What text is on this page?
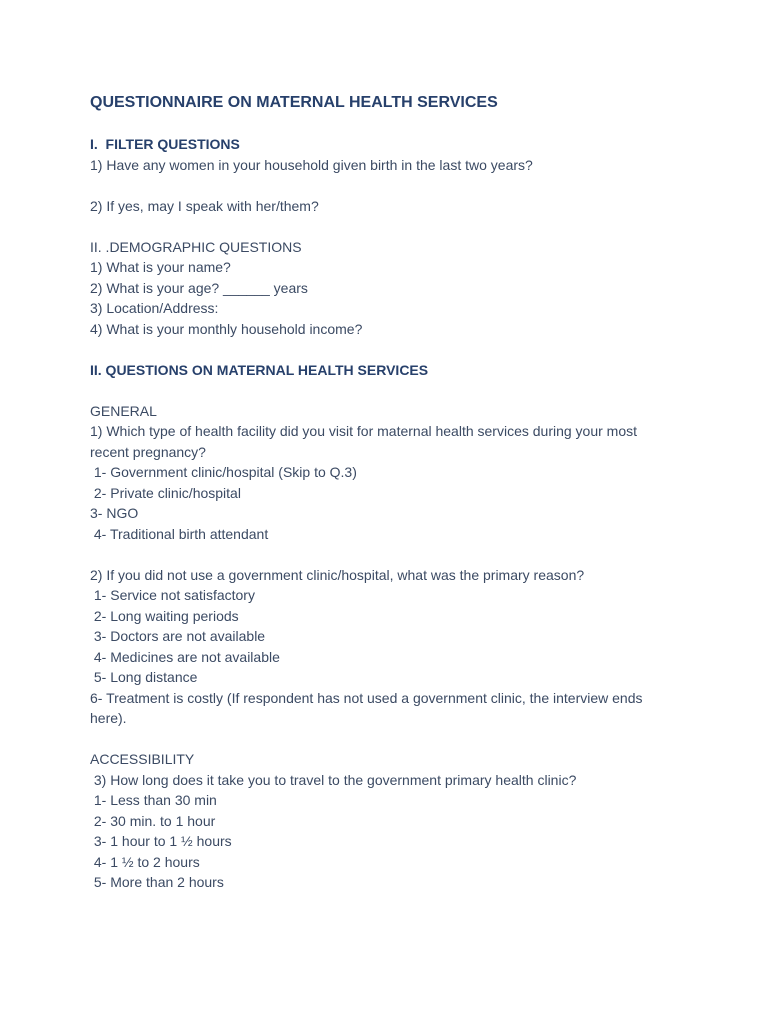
QUESTIONNAIRE ON MATERNAL HEALTH SERVICES
I.  FILTER QUESTIONS
1) Have any women in your household given birth in the last two years?
2) If yes, may I speak with her/them?
II. .DEMOGRAPHIC QUESTIONS
1) What is your name?
2) What is your age? ______ years
3) Location/Address:
4) What is your monthly household income?
II. QUESTIONS ON MATERNAL HEALTH SERVICES
GENERAL
1) Which type of health facility did you visit for maternal health services during your most recent pregnancy?
1- Government clinic/hospital (Skip to Q.3)
2- Private clinic/hospital
3- NGO
4- Traditional birth attendant
2) If you did not use a government clinic/hospital, what was the primary reason?
1- Service not satisfactory
2- Long waiting periods
3- Doctors are not available
4- Medicines are not available
5- Long distance
6- Treatment is costly (If respondent has not used a government clinic, the interview ends here).
ACCESSIBILITY
3) How long does it take you to travel to the government primary health clinic?
1- Less than 30 min
2- 30 min. to 1 hour
3- 1 hour to 1 ½ hours
4- 1 ½ to 2 hours
5- More than 2 hours
